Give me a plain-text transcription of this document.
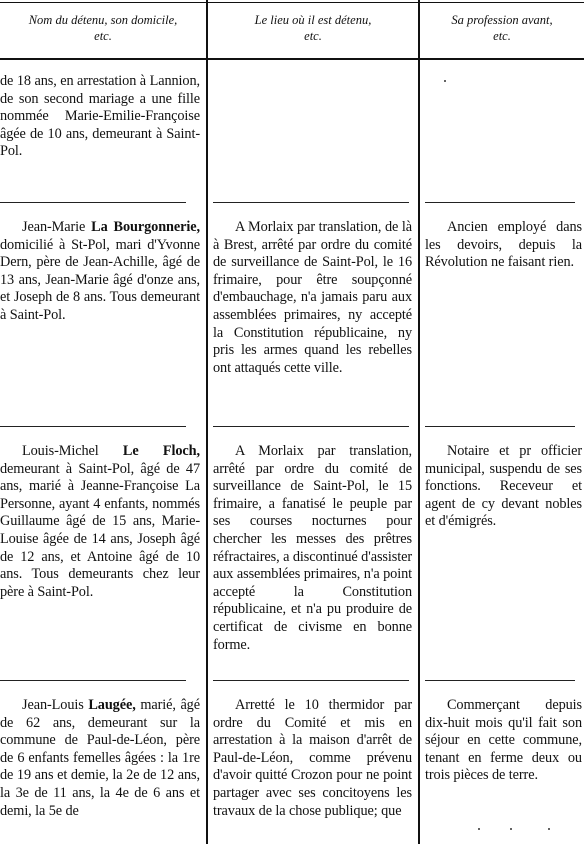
Nom du détenu, son domicile,
etc.
Le lieu où il est détenu,
etc.
Sa profession avant,
etc.
de 18 ans, en arrestation à Lannion, de son second mariage a une fille nommée Marie-Emilie-Françoise âgée de 10 ans, demeurant à Saint-Pol.
Jean-Marie La Bourgonnerie, domicilié à St-Pol, mari d'Yvonne Dern, père de Jean-Achille, âgé de 13 ans, Jean-Marie âgé d'onze ans, et Joseph de 8 ans. Tous demeurant à Saint-Pol.
A Morlaix par translation, de là à Brest, arrêté par ordre du comité de surveillance de Saint-Pol, le 16 frimaire, pour être soupçonné d'embauchage, n'a jamais paru aux assemblées primaires, ny accepté la Constitution républicaine, ny pris les armes quand les rebelles ont attaqués cette ville.
Ancien employé dans les devoirs, depuis la Révolution ne faisant rien.
Louis-Michel Le Floch, demeurant à Saint-Pol, âgé de 47 ans, marié à Jeanne-Françoise La Personne, ayant 4 enfants, nommés Guillaume âgé de 15 ans, Marie-Louise âgée de 14 ans, Joseph âgé de 12 ans, et Antoine âgé de 10 ans. Tous demeurants chez leur père à Saint-Pol.
A Morlaix par translation, arrêté par ordre du comité de surveillance de Saint-Pol, le 15 frimaire, a fanatisé le peuple par ses courses nocturnes pour chercher les messes des prêtres réfractaires, a discontinué d'assister aux assemblées primaires, n'a point accepté la Constitution républicaine, et n'a pu produire de certificat de civisme en bonne forme.
Notaire et pr officier municipal, suspendu de ses fonctions. Receveur et agent de cy devant nobles et d'émigrés.
Jean-Louis Laugée, marié, âgé de 62 ans, demeurant sur la commune de Paul-de-Léon, père de 6 enfants femelles âgées : la 1re de 19 ans et demie, la 2e de 12 ans, la 3e de 11 ans, la 4e de 6 ans et demi, la 5e de
Arretté le 10 thermidor par ordre du Comité et mis en arrestation à la maison d'arrêt de Paul-de-Léon, comme prévenu d'avoir quitté Crozon pour ne point partager avec ses concitoyens les travaux de la chose publique; que
Commerçant depuis dix-huit mois qu'il fait son séjour en cette commune, tenant en ferme deux ou trois pièces de terre.
